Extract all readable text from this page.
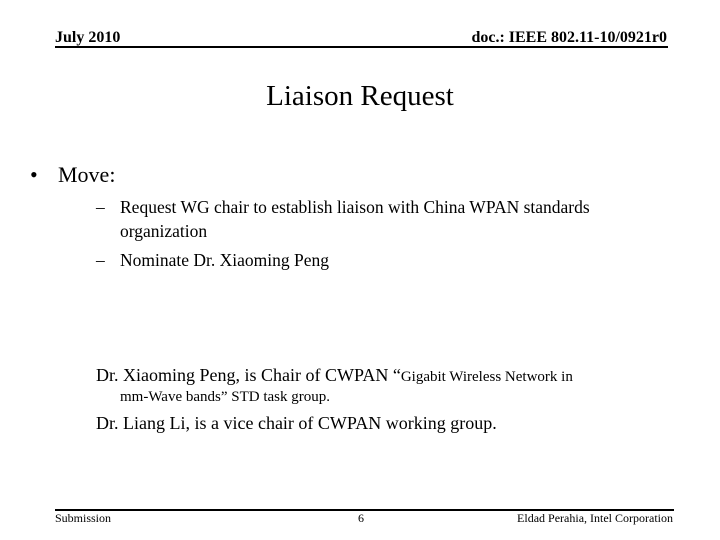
July 2010	doc.: IEEE 802.11-10/0921r0
Liaison Request
• Move:
– Request WG chair to establish liaison with China WPAN standards
organization
– Nominate Dr. Xiaoming Peng
Dr. Xiaoming Peng, is Chair of CWPAN “Gigabit Wireless Network in
mm-Wave bands” STD task group.
Dr. Liang Li, is a vice chair of CWPAN working group.
Submission	6	Eldad Perahia, Intel Corporation
